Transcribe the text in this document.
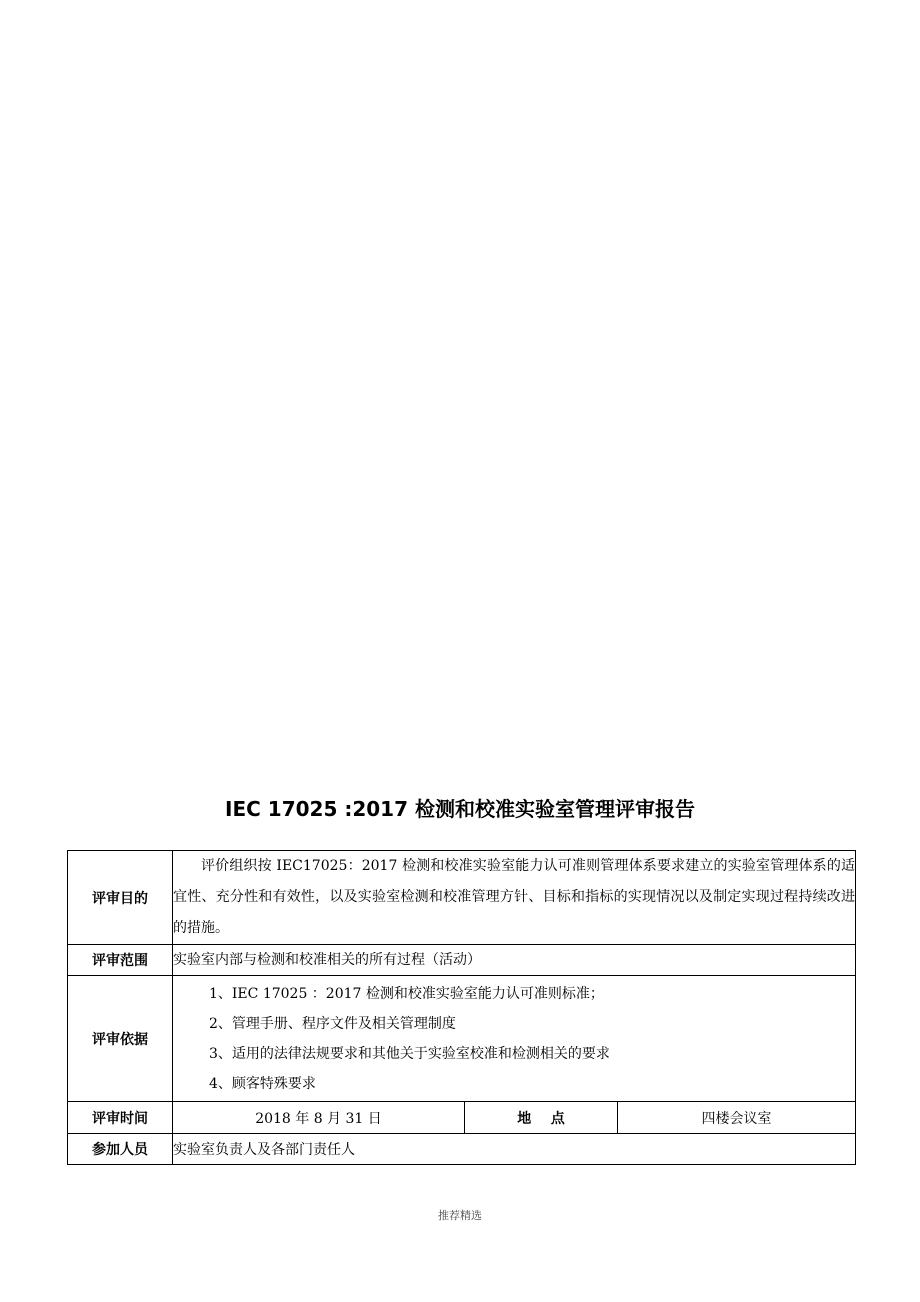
IEC 17025 :2017 检测和校准实验室管理评审报告
评审目的	评价组织按 IEC17025：2017 检测和校准实验室能力认可准则管理体系要求建立的实验室管理体系的适宜性、充分性和有效性，以及实验室检测和校准管理方针、目标和指标的实现情况以及制定实现过程持续改进的措施。		
评审范围	实验室内部与检测和校准相关的所有过程（活动）		
评审依据	1、IEC 17025 ：2017 检测和校准实验室能力认可准则标准；
2、管理手册、程序文件及相关管理制度
3、适用的法律法规要求和其他关于实验室校准和检测相关的要求
4、顾客特殊要求		

评审时间	2018 年 8 月 31 日	地    点	四楼会议室
参加人员	实验室负责人及各部门责任人		
推荐精选
